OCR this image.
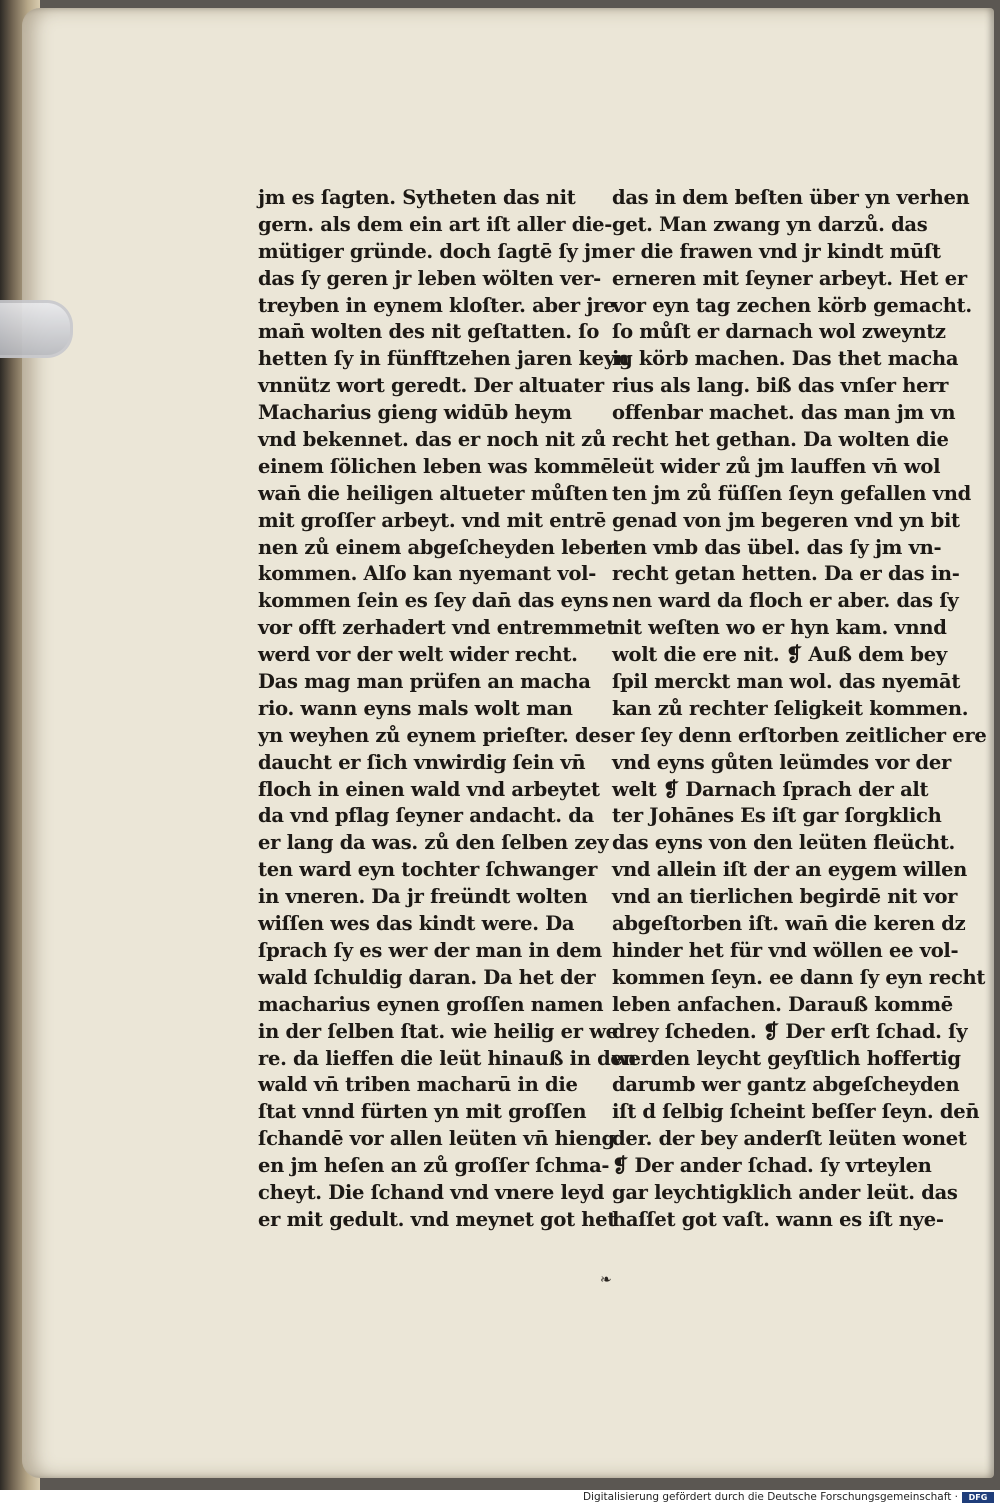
jm es ſagten. Sytheten das nit
gern. als dem ein art iſt aller die-
mütiger gründe. doch ſagtē ſy jm
das ſy geren jr leben wölten ver-
treyben in eynem kloſter. aber jre
man̄ wolten des nit geſtatten. ſo
hetten ſy in fünfftzehen jaren keyn
vnnütz wort geredt. Der altuater
Macharius gieng widūb heym
vnd bekennet. das er noch nit zů
einem ſölichen leben was kommē
wan̄ die heiligen altueter můſten
mit groſſer arbeyt. vnd mit entrē
nen zů einem abgeſcheyden leben
kommen. Alſo kan nyemant vol-
kommen ſein es ſey dan̄ das eyns
vor offt zerhadert vnd entremmet
werd vor der welt wider recht.
Das mag man prüfen an macha
rio. wann eyns mals wolt man
yn weyhen zů eynem prieſter. des
daucht er ſich vnwirdig ſein vn̄
floch in einen wald vnd arbeytet
da vnd pflag ſeyner andacht. da
er lang da was. zů den ſelben zey
ten ward eyn tochter ſchwanger
in vneren. Da jr freündt wolten
wiſſen wes das kindt were. Da
ſprach ſy es wer der man in dem
wald ſchuldig daran. Da het der
macharius eynen groſſen namen
in der ſelben ſtat. wie heilig er we
re. da lieffen die leüt hinauß in den
wald vn̄ triben macharū in die
ſtat vnnd fürten yn mit groſſen
ſchandē vor allen leüten vn̄ hieng
en jm heſen an zů groſſer ſchma-
cheyt. Die ſchand vnd vnere leyd
er mit gedult. vnd meynet got het
das in dem beſten über yn verhen
get. Man zwang yn darzů. das
er die frawen vnd jr kindt mūſt
erneren mit ſeyner arbeyt. Het er
vor eyn tag zechen körb gemacht.
ſo můſt er darnach wol zweyntz
ig körb machen. Das thet macha
rius als lang. biß das vnſer herr
offenbar machet. das man jm vn
recht het gethan. Da wolten die
leüt wider zů jm lauffen vn̄ wol
ten jm zů füſſen ſeyn gefallen vnd
genad von jm begeren vnd yn bit
ten vmb das übel. das ſy jm vn-
recht getan hetten. Da er das in-
nen ward da floch er aber. das ſy
nit weſten wo er hyn kam. vnnd
wolt die ere nit. ❡ Auß dem bey
ſpil merckt man wol. das nyemāt
kan zů rechter ſeligkeit kommen.
er ſey denn erſtorben zeitlicher ere
vnd eyns gůten leümdes vor der
welt ❡ Darnach ſprach der alt
ter Johānes Es iſt gar ſorgklich
das eyns von den leüten fleücht.
vnd allein iſt der an eygem willen
vnd an tierlichen begirdē nit vor
abgeſtorben iſt. wan̄ die keren dz
hinder het für vnd wöllen ee vol-
kommen ſeyn. ee dann ſy eyn recht
leben anfachen. Darauß kommē
drey ſcheden. ❡ Der erſt ſchad. ſy
werden leycht geyſtlich hoffertig
darumb wer gantz abgeſcheyden
iſt d ſelbig ſcheint beſſer ſeyn. den̄
der. der bey anderſt leüten wonet
❡ Der ander ſchad. ſy vrteylen
gar leychtigklich ander leüt. das
haſſet got vaſt. wann es iſt nye-
❧
Digitalisierung gefördert durch die Deutsche Forschungsgemeinschaft ·	DFG
